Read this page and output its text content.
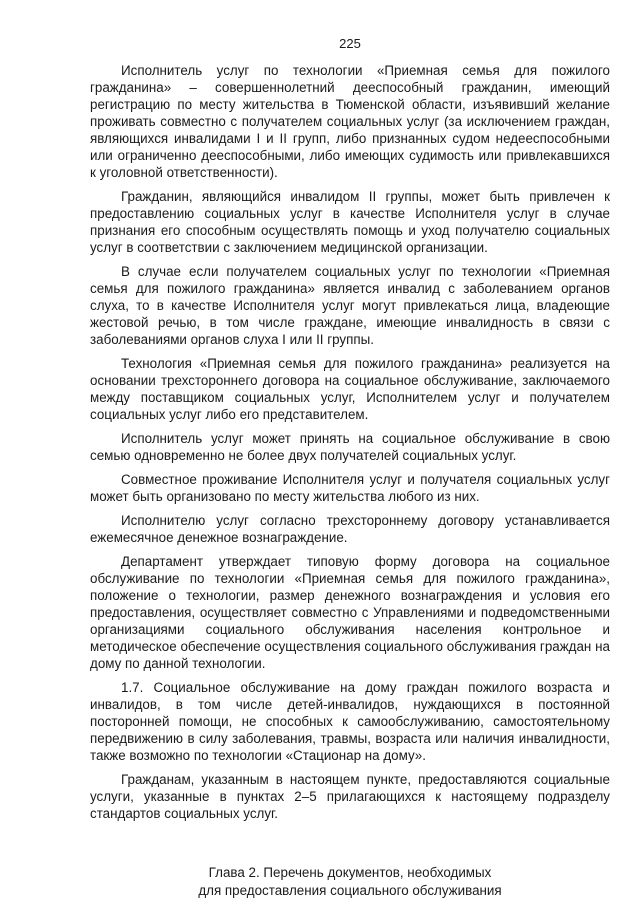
225

Исполнитель услуг по технологии «Приемная семья для пожилого гражданина» – совершеннолетний дееспособный гражданин, имеющий регистрацию по месту жительства в Тюменской области, изъявивший желание проживать совместно с получателем социальных услуг (за исключением граждан, являющихся инвалидами I и II групп, либо признанных судом недееспособными или ограниченно дееспособными, либо имеющих судимость или привлекавшихся к уголовной ответственности).

Гражданин, являющийся инвалидом II группы, может быть привлечен к предоставлению социальных услуг в качестве Исполнителя услуг в случае признания его способным осуществлять помощь и уход получателю социальных услуг в соответствии с заключением медицинской организации.

В случае если получателем социальных услуг по технологии «Приемная семья для пожилого гражданина» является инвалид с заболеванием органов слуха, то в качестве Исполнителя услуг могут привлекаться лица, владеющие жестовой речью, в том числе граждане, имеющие инвалидность в связи с заболеваниями органов слуха I или II группы.

Технология «Приемная семья для пожилого гражданина» реализуется на основании трехстороннего договора на социальное обслуживание, заключаемого между поставщиком социальных услуг, Исполнителем услуг и получателем социальных услуг либо его представителем.

Исполнитель услуг может принять на социальное обслуживание в свою семью одновременно не более двух получателей социальных услуг.

Совместное проживание Исполнителя услуг и получателя социальных услуг может быть организовано по месту жительства любого из них.

Исполнителю услуг согласно трехстороннему договору устанавливается ежемесячное денежное вознаграждение.

Департамент утверждает типовую форму договора на социальное обслуживание по технологии «Приемная семья для пожилого гражданина», положение о технологии, размер денежного вознаграждения и условия его предоставления, осуществляет совместно с Управлениями и подведомственными организациями социального обслуживания населения контрольное и методическое обеспечение осуществления социального обслуживания граждан на дому по данной технологии.

1.7. Социальное обслуживание на дому граждан пожилого возраста и инвалидов, в том числе детей-инвалидов, нуждающихся в постоянной посторонней помощи, не способных к самообслуживанию, самостоятельному передвижению в силу заболевания, травмы, возраста или наличия инвалидности, также возможно по технологии «Стационар на дому».

Гражданам, указанным в настоящем пункте, предоставляются социальные услуги, указанные в пунктах 2–5 прилагающихся к настоящему подразделу стандартов социальных услуг.

Глава 2. Перечень документов, необходимых
для предоставления социального обслуживания
